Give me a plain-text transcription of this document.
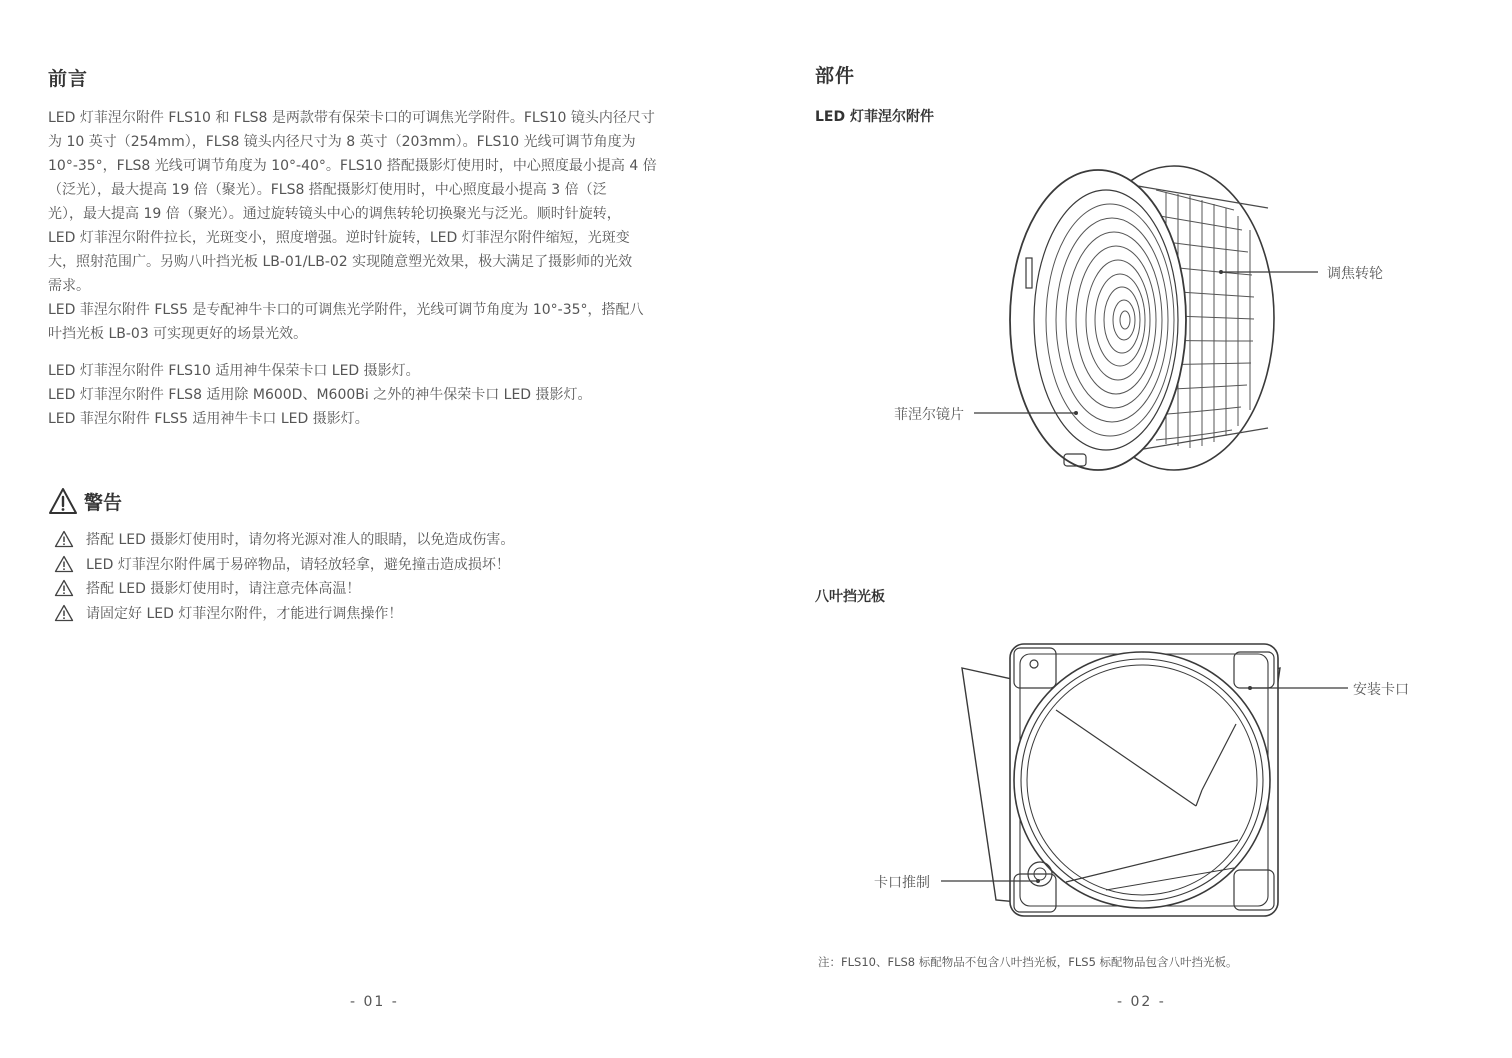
前言
LED 灯菲涅尔附件 FLS10 和 FLS8 是两款带有保荣卡口的可调焦光学附件。FLS10 镜头内径尺寸
为 10 英寸（254mm），FLS8 镜头内径尺寸为 8 英寸（203mm）。FLS10 光线可调节角度为
10°-35°，FLS8 光线可调节角度为 10°-40°。FLS10 搭配摄影灯使用时，中心照度最小提高 4 倍
（泛光），最大提高 19 倍（聚光）。FLS8 搭配摄影灯使用时，中心照度最小提高 3 倍（泛
光），最大提高 19 倍（聚光）。通过旋转镜头中心的调焦转轮切换聚光与泛光。顺时针旋转，
LED 灯菲涅尔附件拉长，光斑变小，照度增强。逆时针旋转，LED 灯菲涅尔附件缩短，光斑变
大，照射范围广。另购八叶挡光板 LB-01/LB-02 实现随意塑光效果，极大满足了摄影师的光效
需求。
LED 菲涅尔附件 FLS5 是专配神牛卡口的可调焦光学附件，光线可调节角度为 10°-35°，搭配八
叶挡光板 LB-03 可实现更好的场景光效。
LED 灯菲涅尔附件 FLS10 适用神牛保荣卡口 LED 摄影灯。
LED 灯菲涅尔附件 FLS8 适用除 M600D、M600Bi 之外的神牛保荣卡口 LED 摄影灯。
LED 菲涅尔附件 FLS5 适用神牛卡口 LED 摄影灯。
警告
搭配 LED 摄影灯使用时，请勿将光源对准人的眼睛，以免造成伤害。
LED 灯菲涅尔附件属于易碎物品，请轻放轻拿，避免撞击造成损坏！
搭配 LED 摄影灯使用时，请注意壳体高温！
请固定好 LED 灯菲涅尔附件，才能进行调焦操作！
- 01 -
部件
LED 灯菲涅尔附件
调焦转轮
菲涅尔镜片
八叶挡光板
安装卡口
卡口推制
注：FLS10、FLS8 标配物品不包含八叶挡光板，FLS5 标配物品包含八叶挡光板。
- 02 -
